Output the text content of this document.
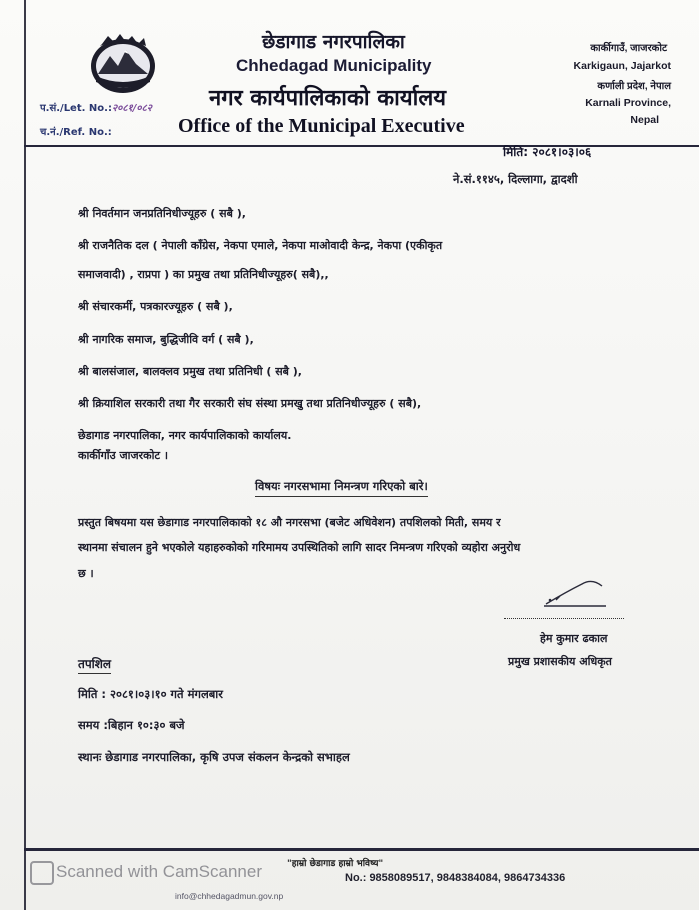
छेडागाड नगरपालिका
Chhedagad Municipality
नगर कार्यपालिकाको कार्यालय
Office of the Municipal Executive
कार्कीगाउँ, जाजरकोट
Karkigaun, Jajarkot
कर्णाली प्रदेश, नेपाल
Karnali Province,
Nepal
प.सं./Let. No.:२०८१/०८२
च.नं./Ref. No.:
मिति: २०८१।०३।०६
ने.सं.११४५, दिल्लागा, द्वादशी
श्री निवर्तमान जनप्रतिनिधीज्यूहरु ( सबै ),
श्री राजनैतिक दल ( नेपाली काँग्रेस, नेकपा एमाले, नेकपा माओवादी केन्द्र, नेकपा (एकीकृत
समाजवादी) , राप्रपा ) का प्रमुख तथा प्रतिनिधीज्यूहरु( सबै),,
श्री संचारकर्मी, पत्रकारज्यूहरु ( सबै ),
श्री नागरिक समाज, बुद्धिजीवि वर्ग ( सबै ),
श्री बालसंजाल, बालक्लव प्रमुख तथा प्रतिनिधी ( सबै ),
श्री क्रियाशिल सरकारी तथा गैर सरकारी संघ संस्था प्रमखु तथा प्रतिनिधीज्यूहरु ( सबै),
छेडागाड नगरपालिका, नगर कार्यपालिकाको कार्यालय.
कार्कीगाँउ जाजरकोट ।
विषयः नगरसभामा निमन्त्रण गरिएको बारे।
प्रस्तुत बिषयमा यस छेडागाड नगरपालिकाको १८ औ नगरसभा (बजेट अधिवेशन) तपशिलको मिती, समय र
स्थानमा संचालन हुने भएकोले यहाहरुकोको गरिमामय उपस्थितिको लागि सादर निमन्त्रण गरिएको व्यहोरा अनुरोध
छ ।
हेम कुमार ढकाल
प्रमुख प्रशासकीय अधिकृत
तपशिल
मिति : २०८१।०३।१० गते मंगलबार
समय :बिहान १०:३० बजे
स्थानः छेडागाड नगरपालिका, कृषि उपज संकलन केन्द्रको सभाहल
"हाम्रो छेडागाड हाम्रो भविष्य"
No.: 9858089517, 9848384084, 9864734336
info@chhedagadmun.gov.np
Scanned with CamScanner
